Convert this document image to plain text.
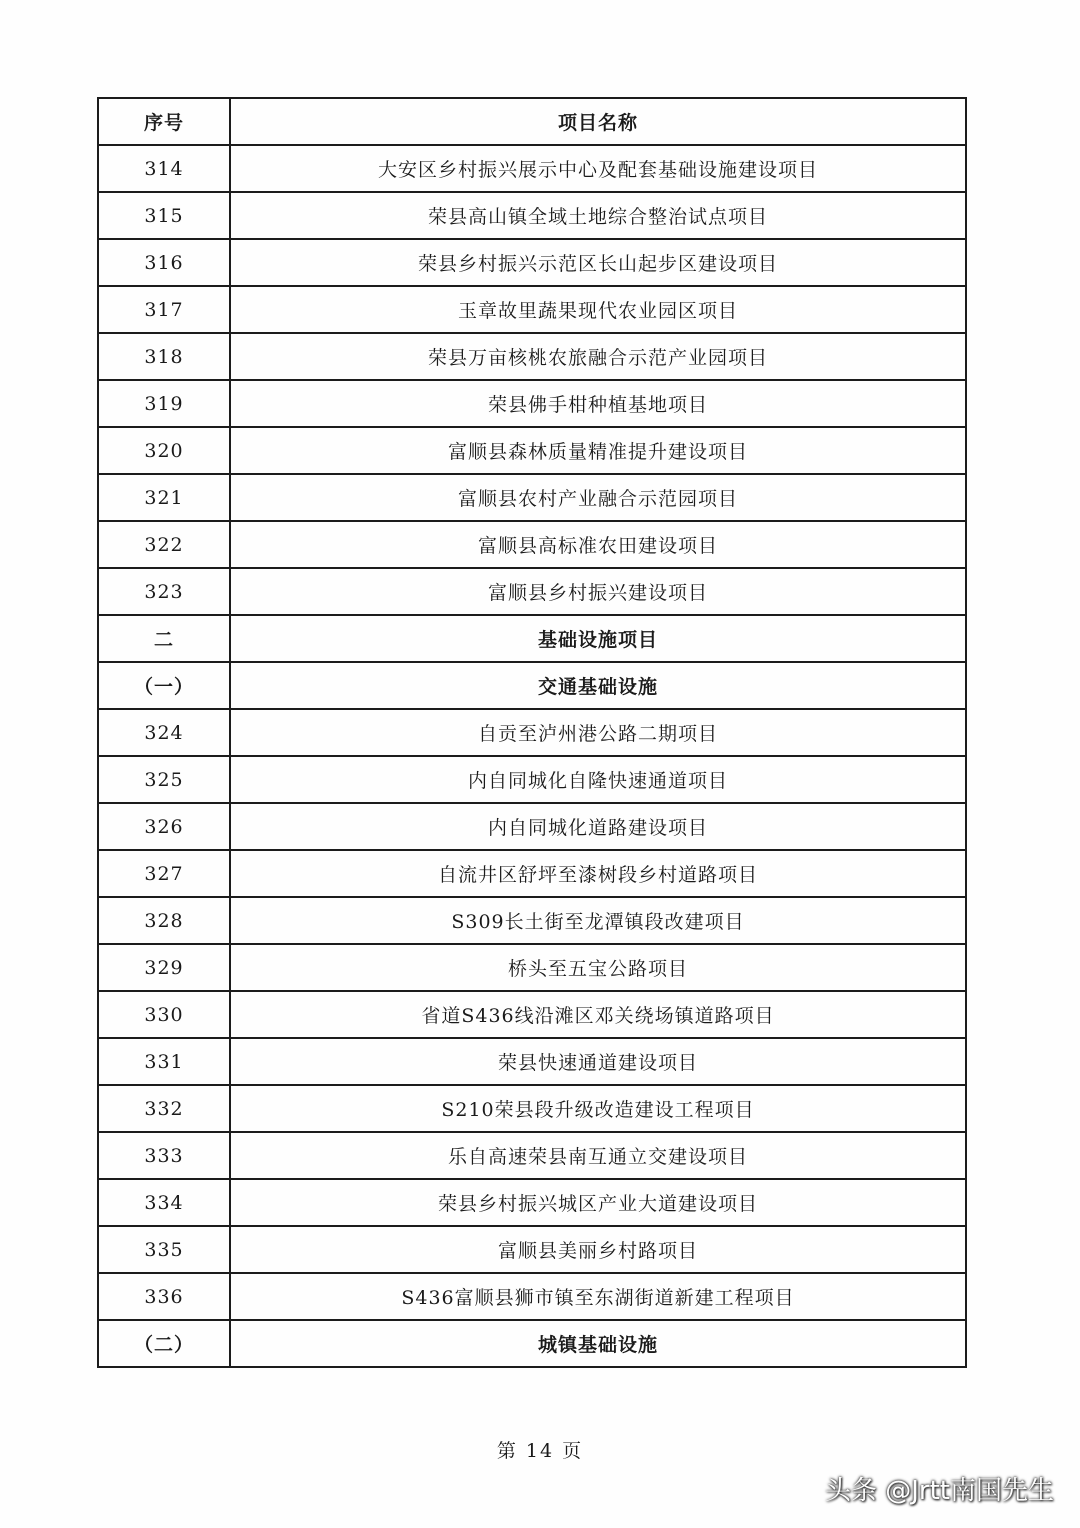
序号	项目名称
314	大安区乡村振兴展示中心及配套基础设施建设项目
315	荣县高山镇全域土地综合整治试点项目
316	荣县乡村振兴示范区长山起步区建设项目
317	玉章故里蔬果现代农业园区项目
318	荣县万亩核桃农旅融合示范产业园项目
319	荣县佛手柑种植基地项目
320	富顺县森林质量精准提升建设项目
321	富顺县农村产业融合示范园项目
322	富顺县高标准农田建设项目
323	富顺县乡村振兴建设项目
二	基础设施项目
（一）	交通基础设施
324	自贡至泸州港公路二期项目
325	内自同城化自隆快速通道项目
326	内自同城化道路建设项目
327	自流井区舒坪至漆树段乡村道路项目
328	S309长土街至龙潭镇段改建项目
329	桥头至五宝公路项目
330	省道S436线沿滩区邓关绕场镇道路项目
331	荣县快速通道建设项目
332	S210荣县段升级改造建设工程项目
333	乐自高速荣县南互通立交建设项目
334	荣县乡村振兴城区产业大道建设项目
335	富顺县美丽乡村路项目
336	S436富顺县狮市镇至东湖街道新建工程项目
（二）	城镇基础设施
第 14 页
头条 @Jrtt南国先生
